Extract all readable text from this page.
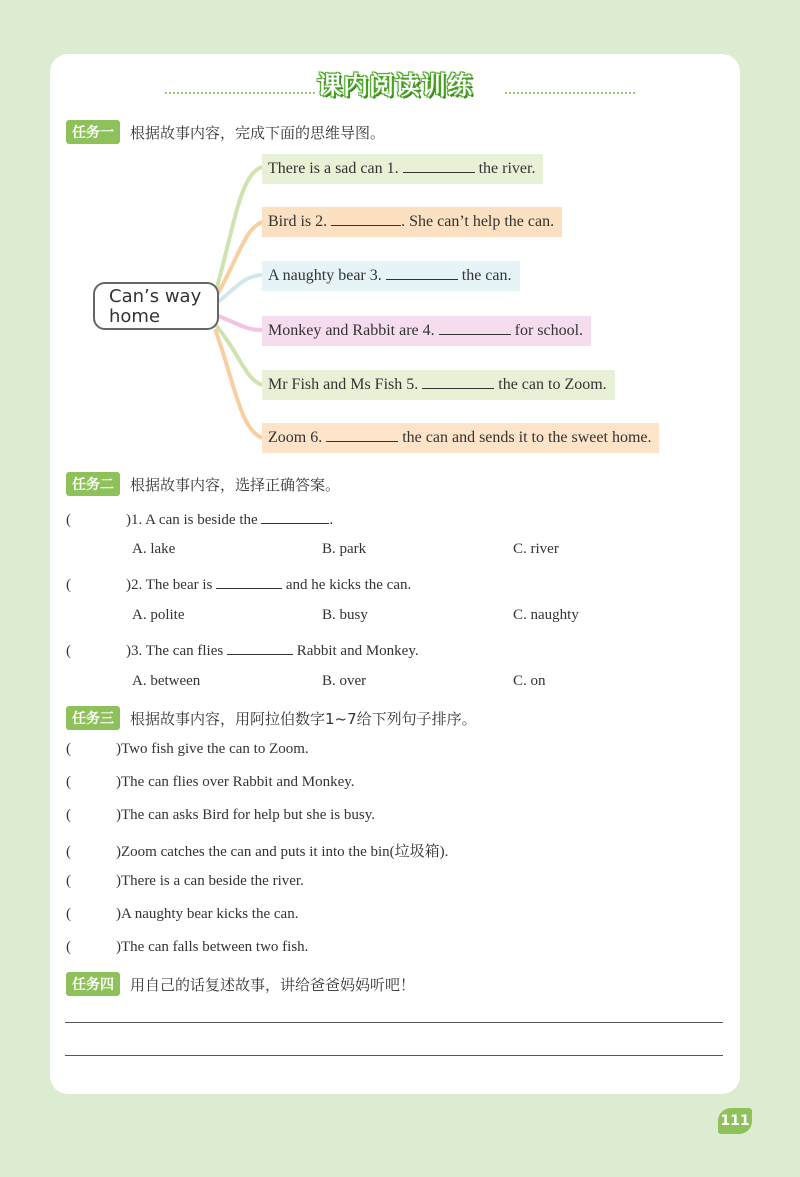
课内阅读训练
任务一	根据故事内容，完成下面的思维导图。
Can’s way
home
There is a sad can 1.	the river.
Bird is 2.	. She can’t help the can.
A naughty bear 3.	the can.
Monkey and Rabbit are 4.	for school.
Mr Fish and Ms Fish 5.	the can to Zoom.
Zoom 6.	the can and sends it to the sweet home.
任务二	根据故事内容，选择正确答案。
(	)1. A can is beside the	.
A. lake	B. park	C. river
(	)2. The bear is	and he kicks the can.
A. polite	B. busy	C. naughty
(	)3. The can flies	Rabbit and Monkey.
A. between	B. over	C. on
任务三	根据故事内容，用阿拉伯数字1~7给下列句子排序。
(	)Two fish give the can to Zoom.
(	)The can flies over Rabbit and Monkey.
(	)The can asks Bird for help but she is busy.
(	)Zoom catches the can and puts it into the bin(垃圾箱).
(	)There is a can beside the river.
(	)A naughty bear kicks the can.
(	)The can falls between two fish.
任务四	用自己的话复述故事，讲给爸爸妈妈听吧！
111
